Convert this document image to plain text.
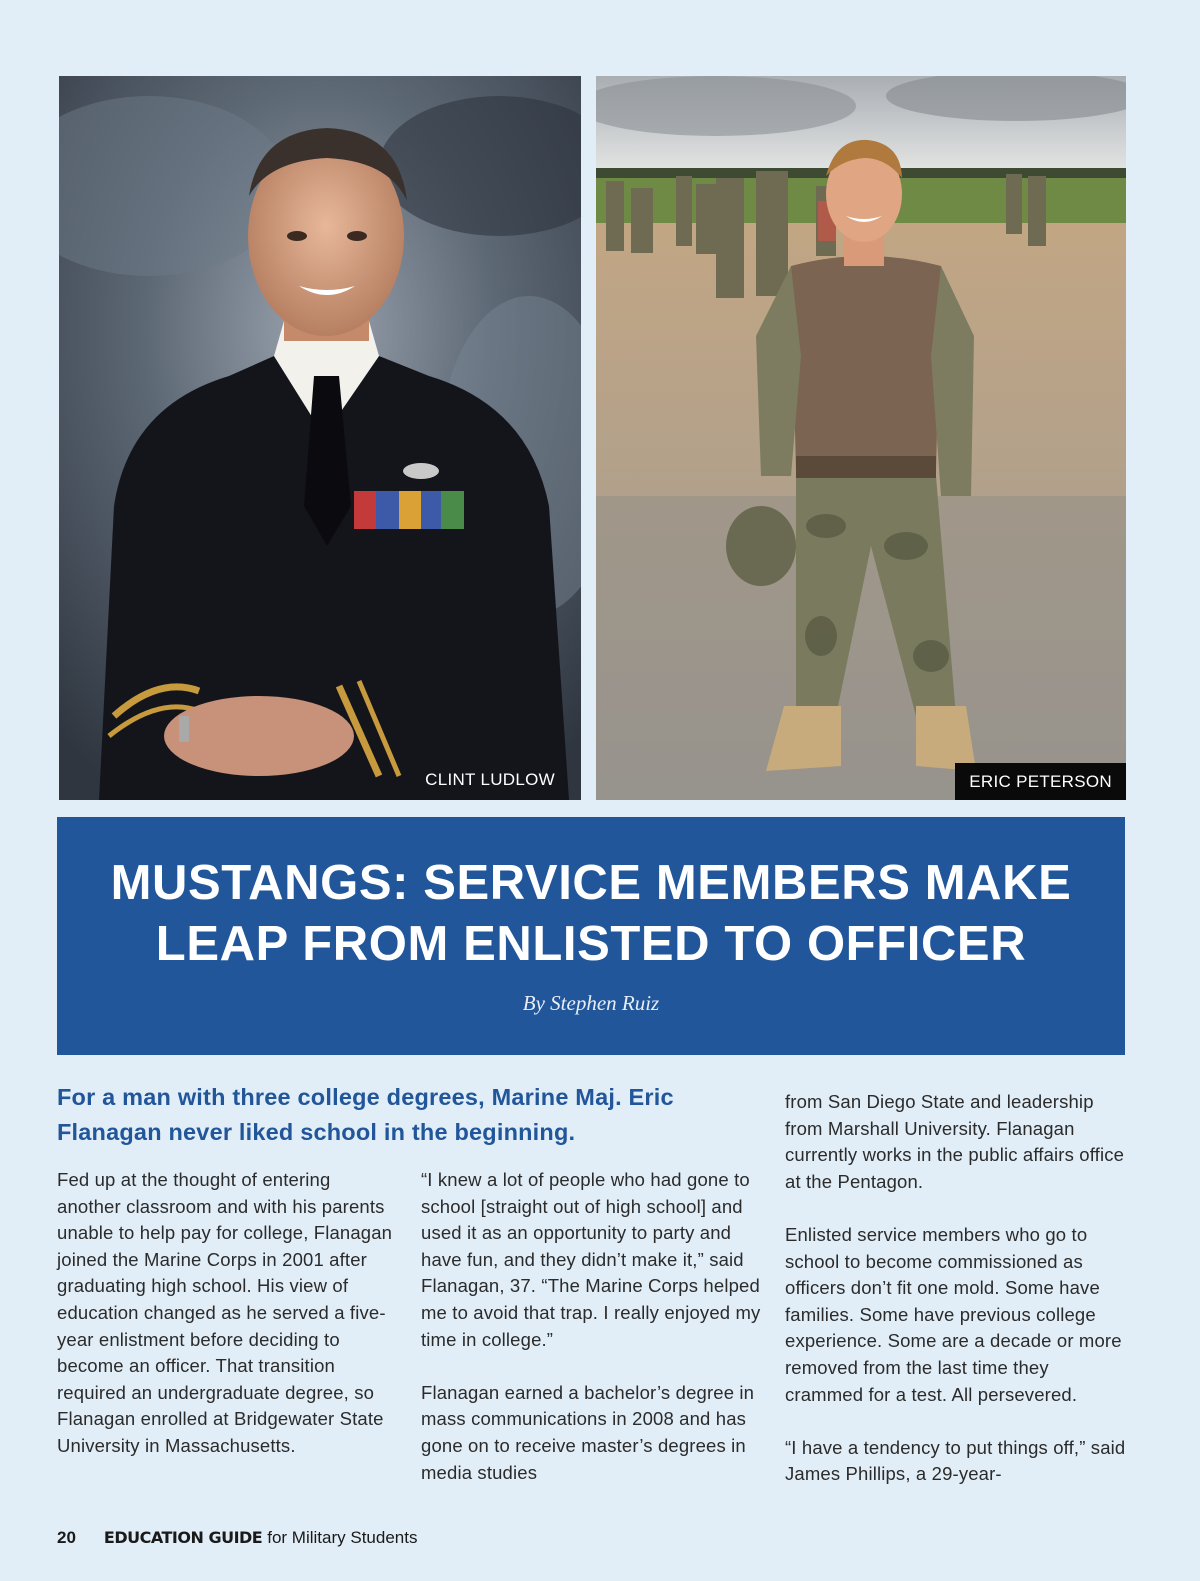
CLINT LUDLOW	ERIC PETERSON
MUSTANGS: SERVICE MEMBERS MAKE LEAP FROM ENLISTED TO OFFICER
By Stephen Ruiz
For a man with three college degrees, Marine Maj. Eric Flanagan never liked school in the beginning.

Fed up at the thought of entering another classroom and with his parents unable to help pay for college, Flanagan joined the Marine Corps in 2001 after graduating high school. His view of education changed as he served a five-year enlistment before deciding to become an officer. That transition required an undergraduate degree, so Flanagan enrolled at Bridgewater State University in Massachusetts.

“I knew a lot of people who had gone to school [straight out of high school] and used it as an opportunity to party and have fun, and they didn’t make it,” said Flanagan, 37. “The Marine Corps helped me to avoid that trap. I really enjoyed my time in college.”

Flanagan earned a bachelor’s degree in mass communications in 2008 and has gone on to receive master’s degrees in media studies

from San Diego State and leadership from Marshall University. Flanagan currently works in the public affairs office at the Pentagon.

Enlisted service members who go to school to become commissioned as officers don’t fit one mold. Some have families. Some have previous college experience. Some are a decade or more removed from the last time they crammed for a test. All persevered.

“I have a tendency to put things off,” said James Phillips, a 29-year-

20 EDUCATION GUIDE for Military Students
